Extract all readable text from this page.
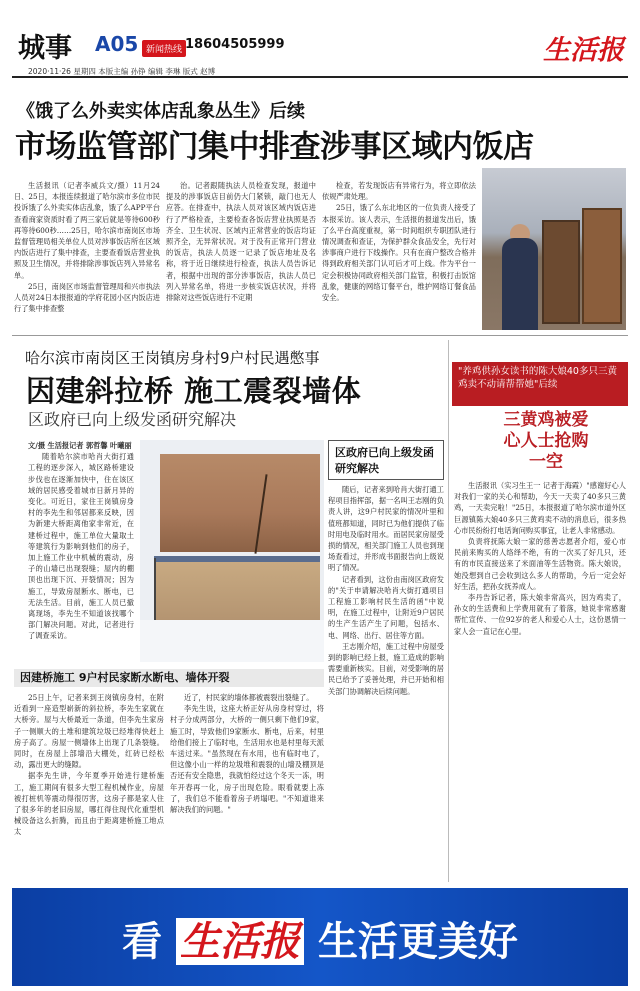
城事 A05 新闻热线 18604505999	生活报
2020·11·26 星期四 本版主编 孙铮 编辑 李琳 版式 赵博
《饿了么外卖实体店乱象丛生》后续
市场监管部门集中排查涉事区域内饭店

生活报讯（记者李威兵文/摄）11月24日、25日，本报连续报道了哈尔滨市多位市民投诉饿了么外卖实体店乱象，饿了么APP平台查看商家资质时看了两三家后就是等待600秒再等待600秒……25日，哈尔滨市南岗区市场监督管理局相关单位人员对涉事饭店所在区域内饭店进行了集中排查，主要查看饭店营业执照及卫生情况，并将排除涉事饭店列入异常名单。

25日，南岗区市场监督管理局和兴市执法人员对24日本报报道的学府花园小区内饭店进行了集中排查整

治。记者跟随执法人员检查发现，报道中提及的涉事饭店目前仍大门紧锁，敲门也无人应答。在排查中，执法人员对该区域内饭店进行了严格检查，主要检查各饭店营业执照是否齐全、卫生状况、区域内正常营业的饭店均证照齐全，无异常状况。对于没有正常开门营业的饭店，执法人员逐一记录了饭店地址及名称，将于近日继续进行检查，执法人员告诉记者，根据中出现的部分涉事饭店，执法人员已列入异常名单，将进一步核实饭店状况，并将排除对这些饭店进行不定期

检查，若发现饭店有异常行为，将立即依法依规严肃处理。

25日，饿了么东北地区的一位负责人接受了本报采访。该人表示，生活报的报道发出后，饿了么平台高度重视，第一时间组织专职团队进行情况调查和查证，为保护群众食品安全，先行对涉事商户进行下线操作。只有在商户整改合格并得到政府相关部门认可后才可上线。作为平台一定会积极协同政府相关部门监管，积极打击饭馆乱象，健康的网络订餐平台，维护网络订餐食品安全。

哈尔滨市南岗区王岗镇房身村9户村民遇憋事
因建斜拉桥 施工震裂墙体
区政府已向上级发函研究解决

文/摄 生活报记者 郭哲馨 叶曦丽

随着哈尔滨市哈肖大街打通工程的逐步深入，城区路桥建设步伐也在逐渐加快中，住在该区域的居民感受着城市日新月异的变化。可近日，家住王岗镇房身村的李先生和邻居都来反映，因为新建大桥距离他家非常近，在建桥过程中，施工单位大量取土等建筑行为影响到他们的房子，加上施工作业中机械的震动，房子的山墙已出现裂缝；屋内的棚顶也出现下沉、开裂情况；因为施工，导致房屋断水、断电，已无法生活。目前，施工人员已撤离现场，李先生不知道该找哪个部门解决问题。对此，记者进行了调查采访。

区政府已向上级发函研究解决

随后，记者来到哈肖大街打通工程项目指挥部，据一名叫王志刚的负责人讲，这9户村民家的情况叶里和值班都知道，同时已为他们提供了临时用电及临时用水。而居民家房屋受损的情况，相关部门施工人员也到现场查看过，并形成书面报告向上级说明了情况。

记者看到，这份由南岗区政府发的"关于申请解决哈肖大街打通项目工程施工影响村民生活的函"中说明，在施工过程中，让附近9户居民的生产生活产生了问题，包括水、电、网络、出行、居住等方面。

王志刚介绍，施工过程中房屋受到的影响已经上报，施工造成的影响需要重新核实。目前，对受影响的居民已给予了妥善处理，并已开始和相关部门协调解决后续问题。

因建桥施工 9户村民家断水断电、墙体开裂

25日上午，记者来到王岗镇房身村，在附近看到一座造型崭新的斜拉桥，李先生家就在大桥旁。屋与大桥最近一条道，但李先生家房子一侧顺大的土堆和建筑垃圾已经堆得快赶上房子高了。房屋一侧墙体上出现了几条裂缝。同时，在房屋上部墙沿大棚处，红砖已经松动，露出更大的缝隙。

据李先生讲，今年夏季开始进行建桥施工，施工期间有很多大型工程机械作业，房屋被打桩机等震动得很厉害，这房子都是家人住了很多年的老旧房屋，哪扛得住现代化重型机械设备这么折腾，而且由于距离建桥施工地点太

近了，村民家的墙体都被震裂出裂缝了。

李先生说，这座大桥正好从房身村穿过，将村子分成两部分，大桥的一侧只剩下他们9家，施工时，导致他们9家断水、断电，后来，村里给他们接上了临时电，生活用水也是村里每天派车送过来。"虽然现在有水用，也有临时电了，但这像小山一样的垃圾堆和震裂的山墙及棚顶是否还有安全隐患，我就怕经过这个冬天一冻，明年开春再一化，房子出现危险。眼看就要上冻了，我们总不能看着房子坍塌吧。"不知道谁来解决我们的问题。"

"养鸡供孙女读书的陈大娘40多只三黄鸡卖不动请帮帮她"后续
三黄鸡被爱心人士抢购一空

生活报讯（实习生王一 记者于海霞）"感谢好心人对我们一家的关心和帮助，今天一天卖了40多只三黄鸡，一天卖完啦！"25日，本报报道了哈尔滨市道外区巨源镇陈大娘40多只三黄鸡卖不动的消息后，很多热心市民纷纷打电话询问购买事宜，让老人非常感动。

负责将抚陈大娘一家的慈善志愿者介绍，爱心市民前来购买的人络绎不绝，有的一次买了好几只，还有的市民直接送来了米面油等生活物资。陈大娘说，她没想到自己会收到这么多人的帮助，今后一定会好好生活，把孙女抚养成人。

李丹告诉记者，陈大娘非常高兴，因为鸡卖了，孙女的生活费和上学费用就有了着落，她说非常感谢帮忙宣传、一位92岁的老人和爱心人士，这份恩情一家人会一直记在心里。

看 生活报 生活更美好
